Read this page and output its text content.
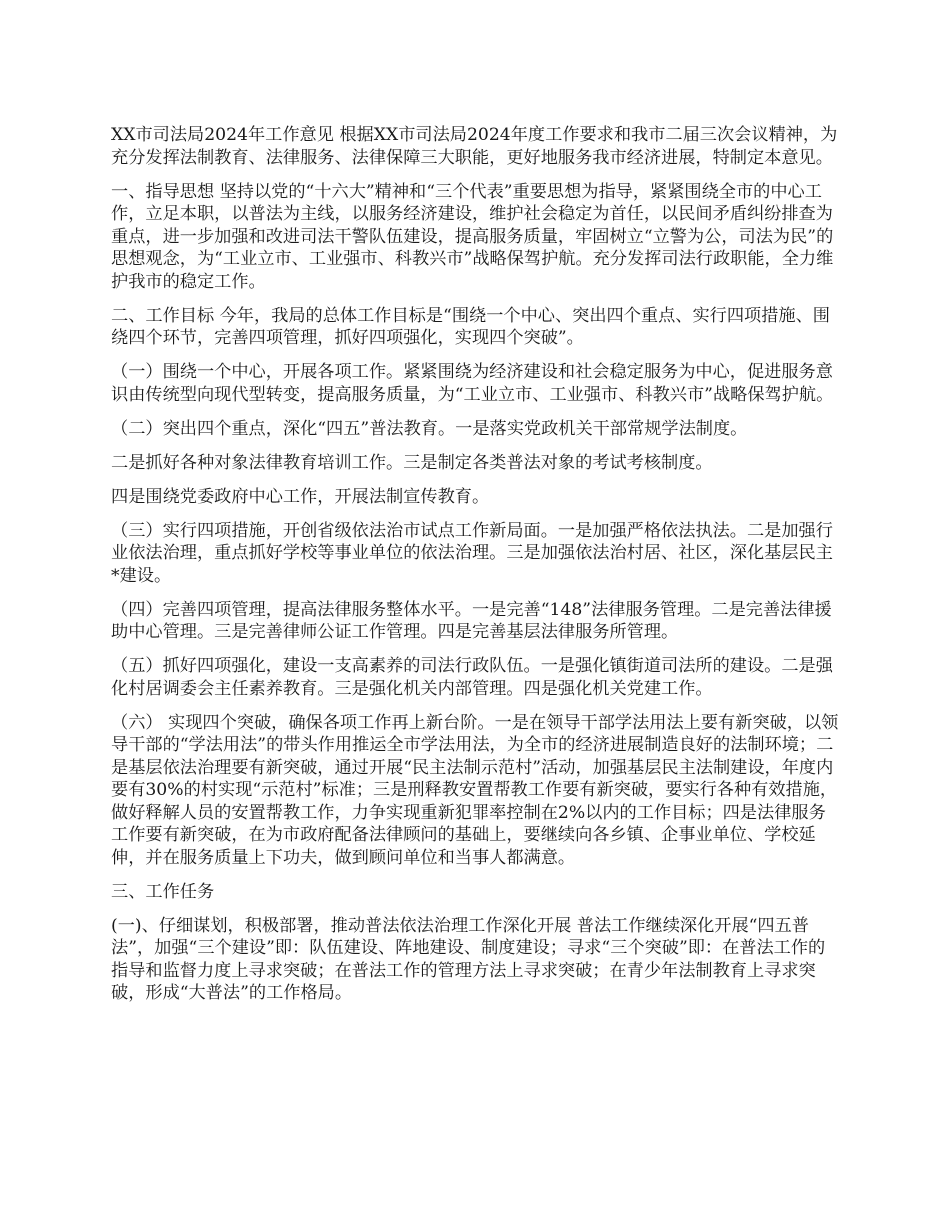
XX市司法局2024年工作意见 根据XX市司法局2024年度工作要求和我市二届三次会议精神，为充分发挥法制教育、法律服务、法律保障三大职能，更好地服务我市经济进展，特制定本意见。

一、指导思想 坚持以党的“十六大”精神和“三个代表”重要思想为指导，紧紧围绕全市的中心工作，立足本职，以普法为主线，以服务经济建设，维护社会稳定为首任，以民间矛盾纠纷排查为重点，进一步加强和改进司法干警队伍建设，提高服务质量，牢固树立“立警为公，司法为民”的思想观念，为“工业立市、工业强市、科教兴市”战略保驾护航。充分发挥司法行政职能，全力维护我市的稳定工作。

二、工作目标 今年，我局的总体工作目标是“围绕一个中心、突出四个重点、实行四项措施、围绕四个环节，完善四项管理，抓好四项强化，实现四个突破”。

（一）围绕一个中心，开展各项工作。紧紧围绕为经济建设和社会稳定服务为中心，促进服务意识由传统型向现代型转变，提高服务质量，为“工业立市、工业强市、科教兴市”战略保驾护航。

（二）突出四个重点，深化“四五”普法教育。一是落实党政机关干部常规学法制度。

二是抓好各种对象法律教育培训工作。三是制定各类普法对象的考试考核制度。

四是围绕党委政府中心工作，开展法制宣传教育。

（三）实行四项措施，开创省级依法治市试点工作新局面。一是加强严格依法执法。二是加强行业依法治理，重点抓好学校等事业单位的依法治理。三是加强依法治村居、社区，深化基层民主*建设。

（四）完善四项管理，提高法律服务整体水平。一是完善“148”法律服务管理。二是完善法律援助中心管理。三是完善律师公证工作管理。四是完善基层法律服务所管理。

（五）抓好四项强化，建设一支高素养的司法行政队伍。一是强化镇街道司法所的建设。二是强化村居调委会主任素养教育。三是强化机关内部管理。四是强化机关党建工作。

（六） 实现四个突破，确保各项工作再上新台阶。一是在领导干部学法用法上要有新突破，以领导干部的“学法用法”的带头作用推运全市学法用法，为全市的经济进展制造良好的法制环境；二是基层依法治理要有新突破，通过开展“民主法制示范村”活动，加强基层民主法制建设，年度内要有30%的村实现“示范村”标准；三是刑释教安置帮教工作要有新突破，要实行各种有效措施，做好释解人员的安置帮教工作，力争实现重新犯罪率控制在2%以内的工作目标；四是法律服务工作要有新突破，在为市政府配备法律顾问的基础上，要继续向各乡镇、企事业单位、学校延伸，并在服务质量上下功夫，做到顾问单位和当事人都满意。

三、工作任务

(一)、仔细谋划，积极部署，推动普法依法治理工作深化开展 普法工作继续深化开展“四五普法”，加强“三个建设”即：队伍建设、阵地建设、制度建设；寻求“三个突破”即：在普法工作的指导和监督力度上寻求突破；在普法工作的管理方法上寻求突破；在青少年法制教育上寻求突破，形成“大普法”的工作格局。
